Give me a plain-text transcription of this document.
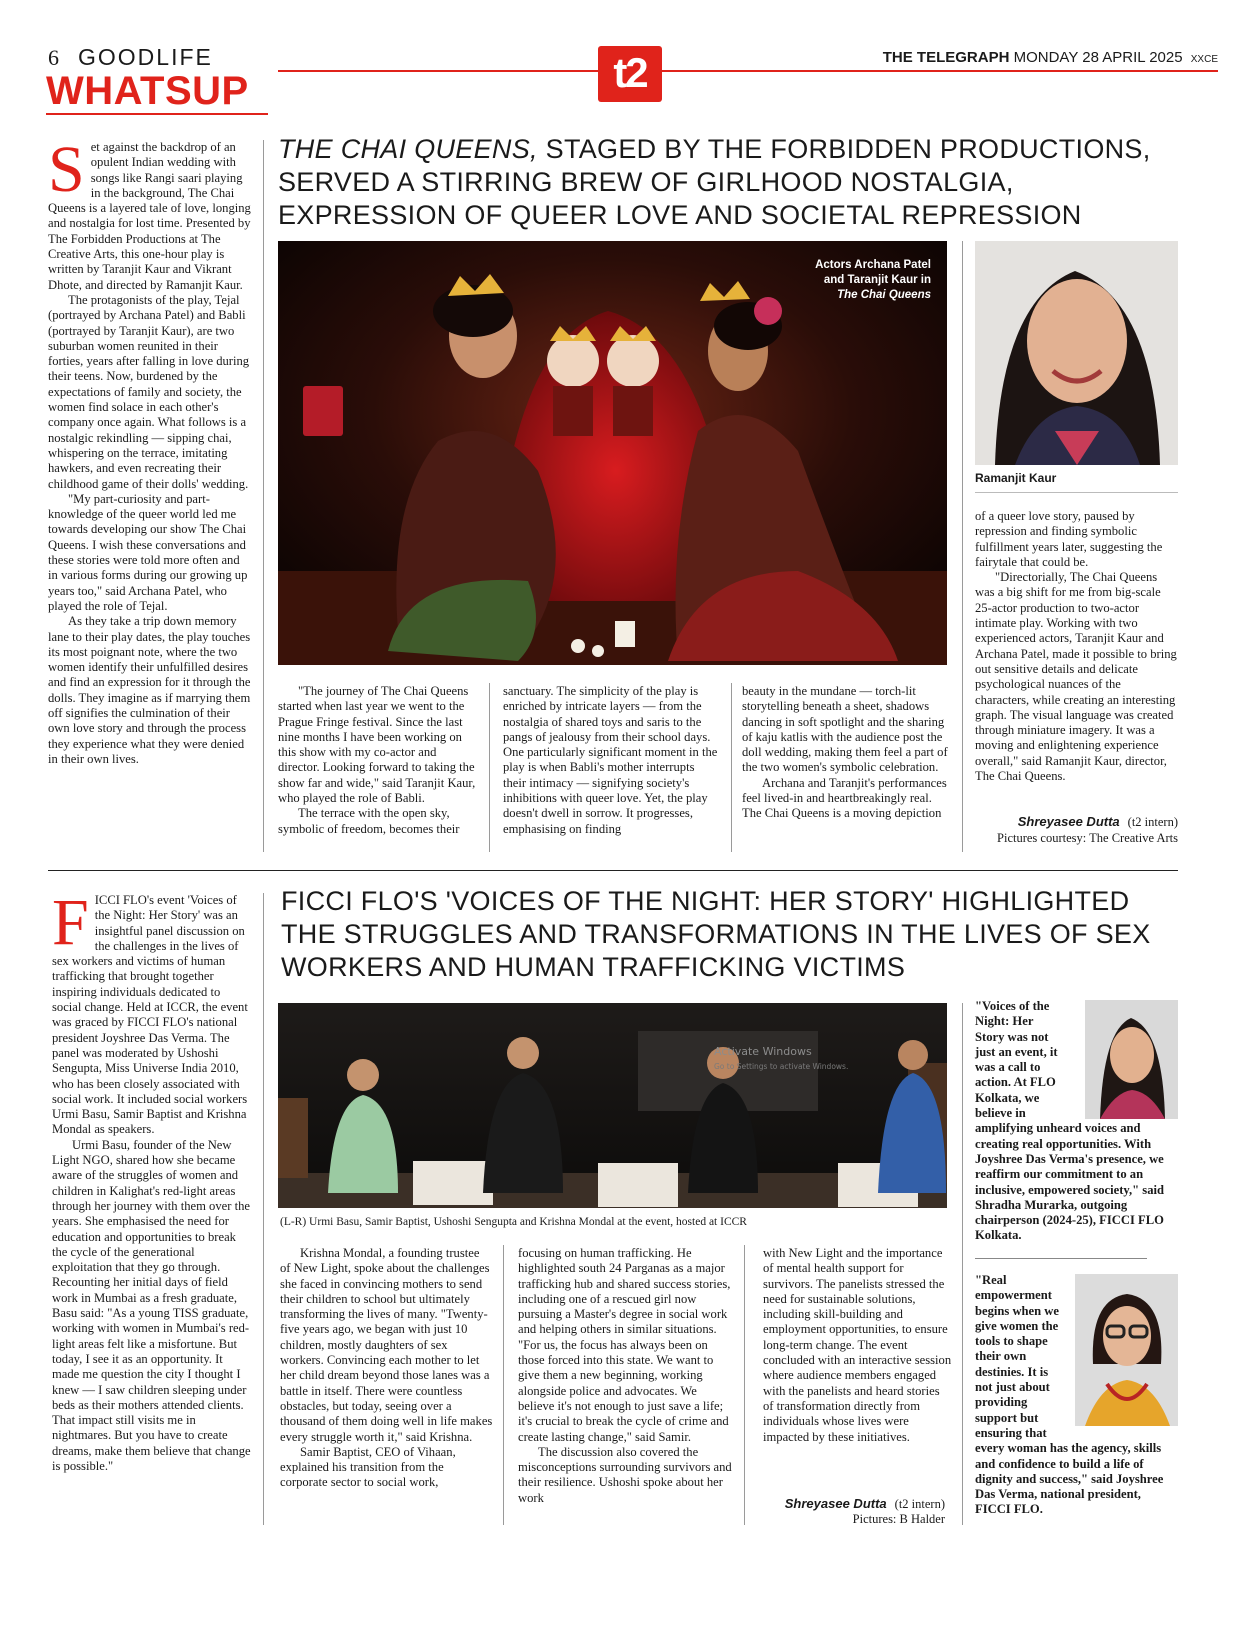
6 GOODLIFE
WHATSUP	t2	THE TELEGRAPH MONDAY 28 APRIL 2025 XXCE
S et against the backdrop of an opulent Indian wedding with songs like Rangi saari playing in the background, The Chai Queens is a layered tale of love, longing and nostalgia for lost time. Presented by The Forbidden Productions at The Creative Arts, this one-hour play is written by Taranjit Kaur and Vikrant Dhote, and directed by Ramanjit Kaur.

The protagonists of the play, Tejal (portrayed by Archana Patel) and Babli (portrayed by Taranjit Kaur), are two suburban women reunited in their forties, years after falling in love during their teens. Now, burdened by the expectations of family and society, the women find solace in each other's company once again. What follows is a nostalgic rekindling — sipping chai, whispering on the terrace, imitating hawkers, and even recreating their childhood game of their dolls' wedding.

"My part-curiosity and part-knowledge of the queer world led me towards developing our show The Chai Queens. I wish these conversations and these stories were told more often and in various forms during our growing up years too," said Archana Patel, who played the role of Tejal.

As they take a trip down memory lane to their play dates, the play touches its most poignant note, where the two women identify their unfulfilled desires and find an expression for it through the dolls. They imagine as if marrying them off signifies the culmination of their own love story and through the process they experience what they were denied in their own lives.

THE CHAI QUEENS, STAGED BY THE FORBIDDEN PRODUCTIONS, SERVED A STIRRING BREW OF GIRLHOOD NOSTALGIA, EXPRESSION OF QUEER LOVE AND SOCIETAL REPRESSION
Actors Archana Patel
and Taranjit Kaur in
The Chai Queens
Ramanjit Kaur

"The journey of The Chai Queens started when last year we went to the Prague Fringe festival. Since the last nine months I have been working on this show with my co-actor and director. Looking forward to taking the show far and wide," said Taranjit Kaur, who played the role of Babli.

The terrace with the open sky, symbolic of freedom, becomes their

sanctuary. The simplicity of the play is enriched by intricate layers — from the nostalgia of shared toys and saris to the pangs of jealousy from their school days. One particularly significant moment in the play is when Babli's mother interrupts their intimacy — signifying society's inhibitions with queer love. Yet, the play doesn't dwell in sorrow. It progresses, emphasising on finding

beauty in the mundane — torch-lit storytelling beneath a sheet, shadows dancing in soft spotlight and the sharing of kaju katlis with the audience post the doll wedding, making them feel a part of the two women's symbolic celebration.

Archana and Taranjit's performances feel lived-in and heartbreakingly real. The Chai Queens is a moving depiction

of a queer love story, paused by repression and finding symbolic fulfillment years later, suggesting the fairytale that could be.

"Directorially, The Chai Queens was a big shift for me from big-scale 25-actor production to two-actor intimate play. Working with two experienced actors, Taranjit Kaur and Archana Patel, made it possible to bring out sensitive details and delicate psychological nuances of the characters, while creating an interesting graph. The visual language was created through miniature imagery. It was a moving and enlightening experience overall," said Ramanjit Kaur, director, The Chai Queens.

Shreyasee Dutta (t2 intern)
Pictures courtesy: The Creative Arts
F ICCI FLO's event 'Voices of the Night: Her Story' was an insightful panel discussion on the challenges in the lives of sex workers and victims of human trafficking that brought together inspiring individuals dedicated to social change. Held at ICCR, the event was graced by FICCI FLO's national president Joyshree Das Verma. The panel was moderated by Ushoshi Sengupta, Miss Universe India 2010, who has been closely associated with social work. It included social workers Urmi Basu, Samir Baptist and Krishna Mondal as speakers.

Urmi Basu, founder of the New Light NGO, shared how she became aware of the struggles of women and children in Kalighat's red-light areas through her journey with them over the years. She emphasised the need for education and opportunities to break the cycle of the generational exploitation that they go through. Recounting her initial days of field work in Mumbai as a fresh graduate, Basu said: "As a young TISS graduate, working with women in Mumbai's red-light areas felt like a misfortune. But today, I see it as an opportunity. It made me question the city I thought I knew — I saw children sleeping under beds as their mothers attended clients. That impact still visits me in nightmares. But you have to create dreams, make them believe that change is possible."

FICCI FLO'S 'VOICES OF THE NIGHT: HER STORY' HIGHLIGHTED THE STRUGGLES AND TRANSFORMATIONS IN THE LIVES OF SEX WORKERS AND HUMAN TRAFFICKING VICTIMS
Activate Windows
Go to Settings to activate Windows.
(L-R) Urmi Basu, Samir Baptist, Ushoshi Sengupta and Krishna Mondal at the event, hosted at ICCR

Krishna Mondal, a founding trustee of New Light, spoke about the challenges she faced in convincing mothers to send their children to school but ultimately transforming the lives of many. "Twenty-five years ago, we began with just 10 children, mostly daughters of sex workers. Convincing each mother to let her child dream beyond those lanes was a battle in itself. There were countless obstacles, but today, seeing over a thousand of them doing well in life makes every struggle worth it," said Krishna.

Samir Baptist, CEO of Vihaan, explained his transition from the corporate sector to social work,

focusing on human trafficking. He highlighted south 24 Parganas as a major trafficking hub and shared success stories, including one of a rescued girl now pursuing a Master's degree in social work and helping others in similar situations. "For us, the focus has always been on those forced into this state. We want to give them a new beginning, working alongside police and advocates. We believe it's not enough to just save a life; it's crucial to break the cycle of crime and create lasting change," said Samir.

The discussion also covered the misconceptions surrounding survivors and their resilience. Ushoshi spoke about her work

with New Light and the importance of mental health support for survivors. The panelists stressed the need for sustainable solutions, including skill-building and employment opportunities, to ensure long-term change. The event concluded with an interactive session where audience members engaged with the panelists and heard stories of transformation directly from individuals whose lives were impacted by these initiatives.

Shreyasee Dutta (t2 intern)
Pictures: B Halder
"Voices of the Night: Her Story was not just an event, it was a call to action. At FLO Kolkata, we believe in amplifying unheard voices and creating real opportunities. With Joyshree Das Verma's presence, we reaffirm our commitment to an inclusive, empowered society," said Shradha Murarka, outgoing chairperson (2024-25), FICCI FLO Kolkata.
"Real empowerment begins when we give women the tools to shape their own destinies. It is not just about providing support but ensuring that every woman has the agency, skills and confidence to build a life of dignity and success," said Joyshree Das Verma, national president, FICCI FLO.
